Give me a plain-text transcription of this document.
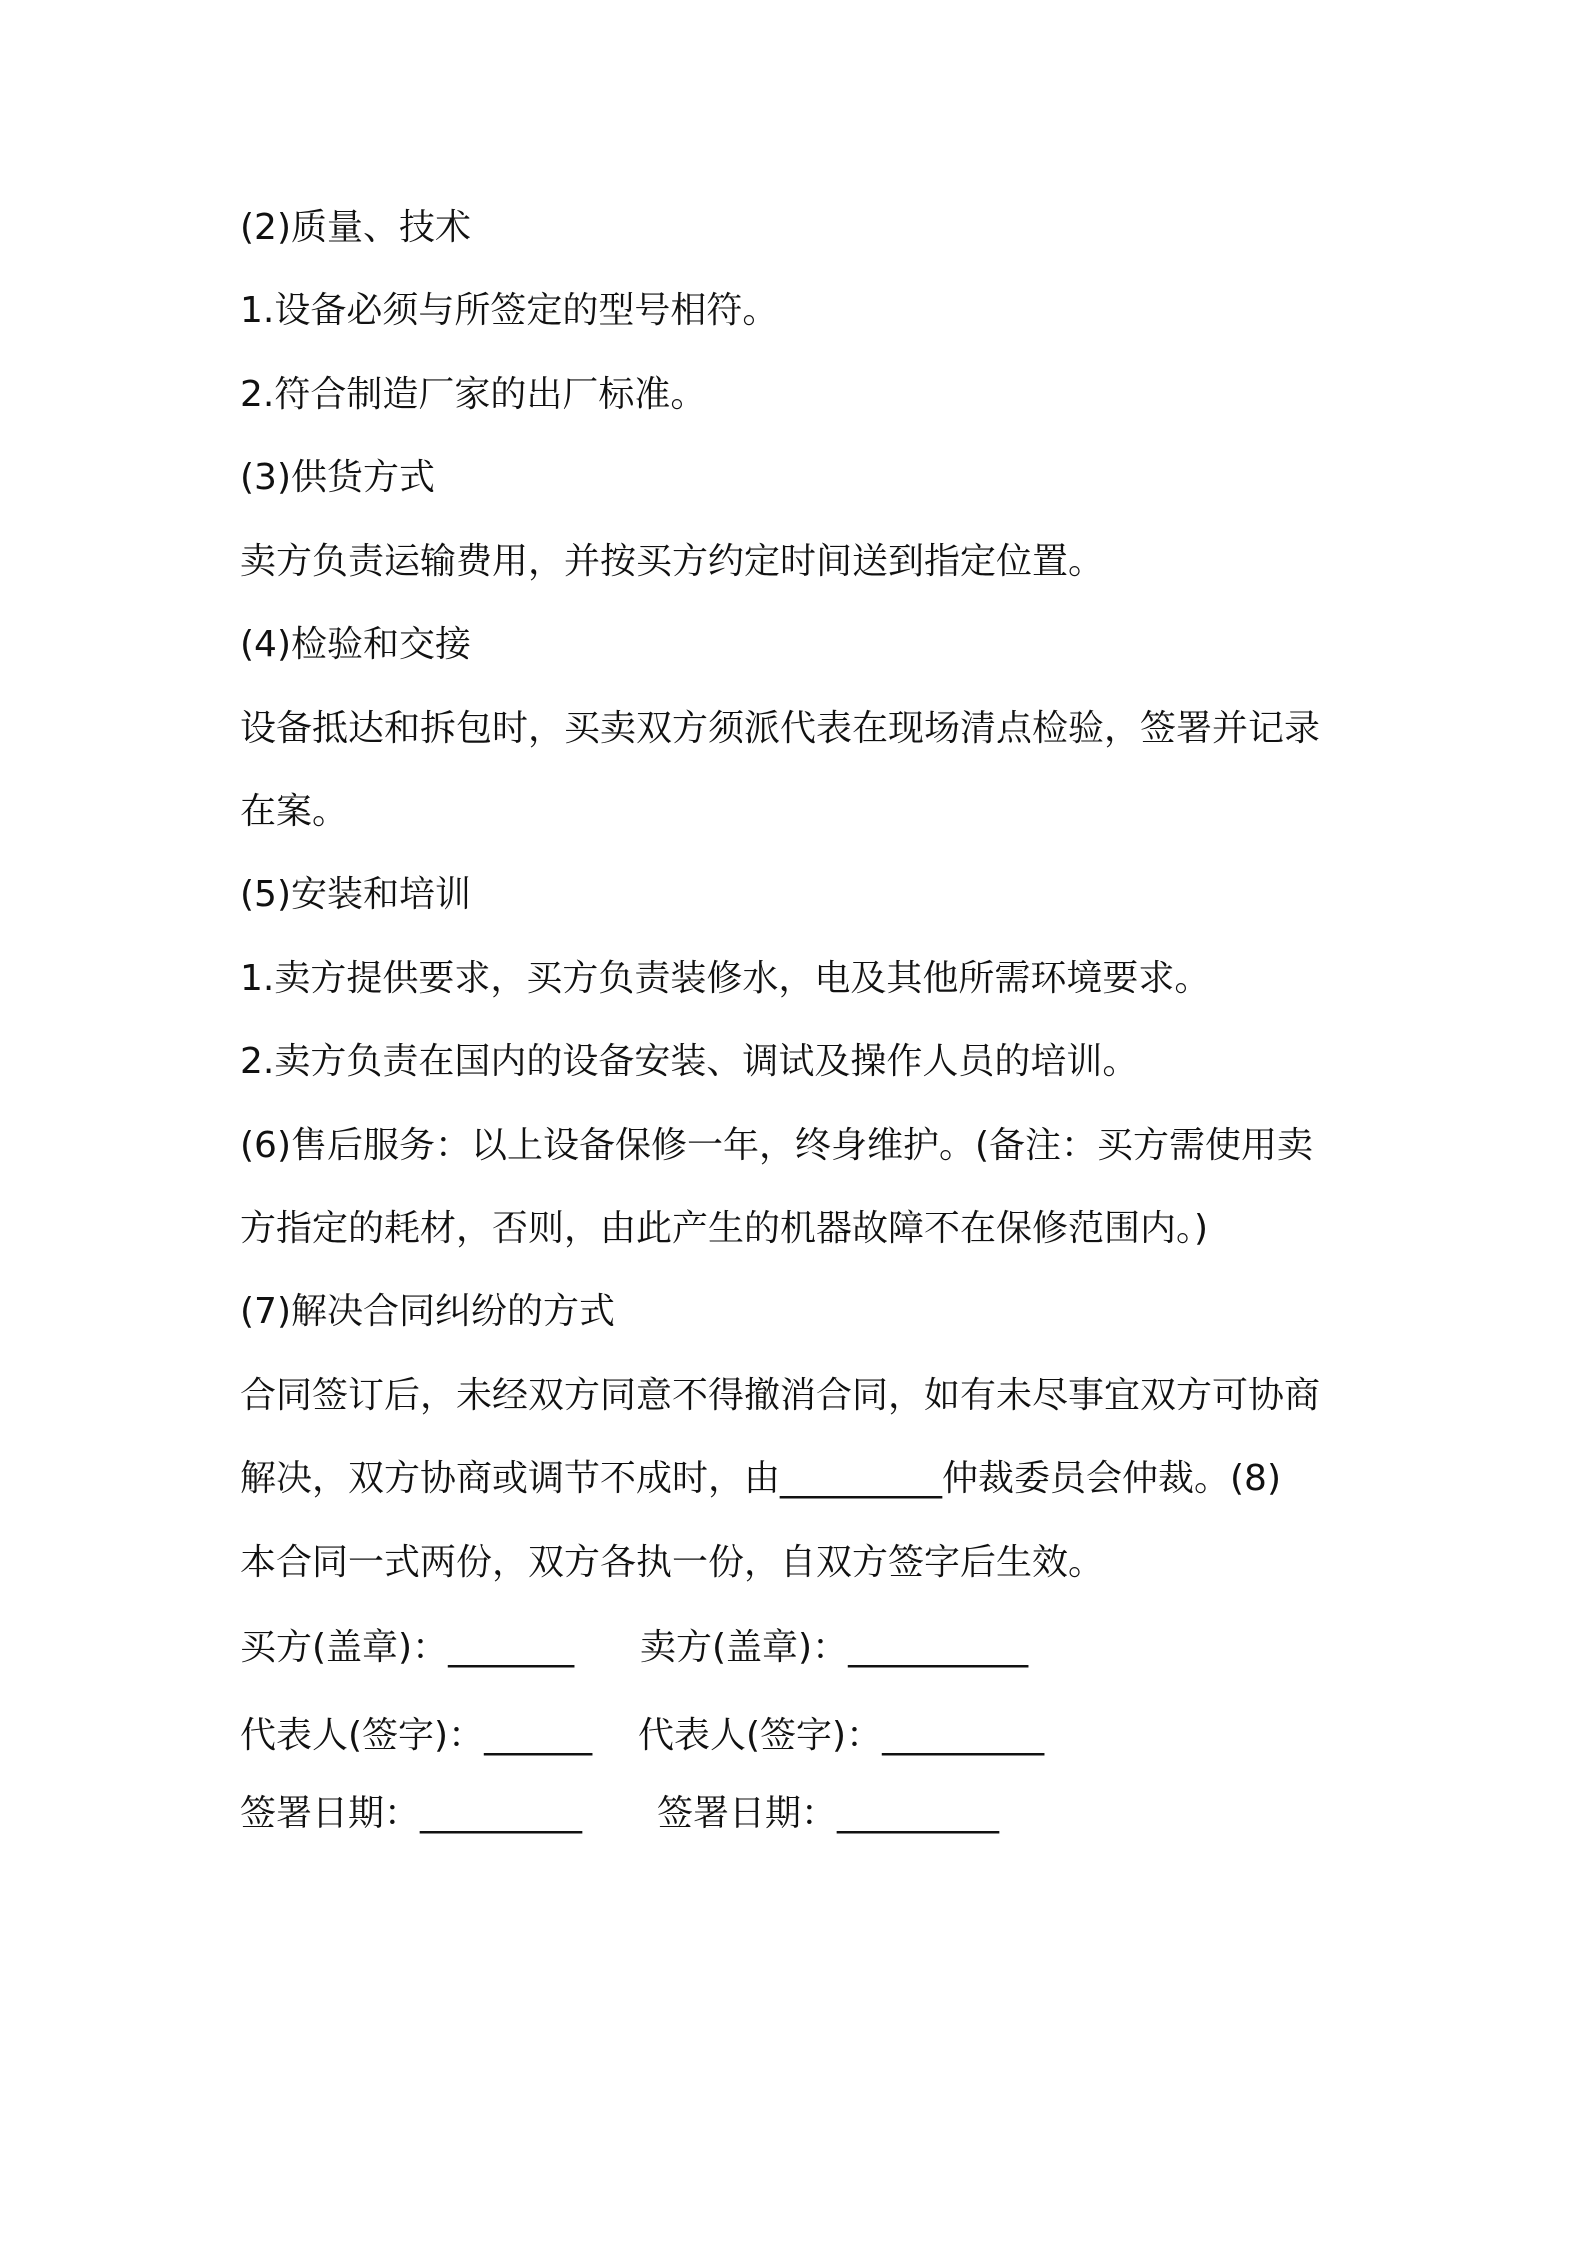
(2)质量、技术
1.设备必须与所签定的型号相符。
2.符合制造厂家的出厂标准。
(3)供货方式
卖方负责运输费用，并按买方约定时间送到指定位置。
(4)检验和交接
设备抵达和拆包时，买卖双方须派代表在现场清点检验，签署并记录
在案。
(5)安装和培训
1.卖方提供要求，买方负责装修水，电及其他所需环境要求。
2.卖方负责在国内的设备安装、调试及操作人员的培训。
(6)售后服务：以上设备保修一年，终身维护。(备注：买方需使用卖
方指定的耗材，否则，由此产生的机器故障不在保修范围内。)
(7)解决合同纠纷的方式
合同签订后，未经双方同意不得撤消合同，如有未尽事宜双方可协商
解决，双方协商或调节不成时，由_________仲裁委员会仲裁。(8)
本合同一式两份，双方各执一份，自双方签字后生效。
买方(盖章)：_______ 卖方(盖章)：__________
代表人(签字)：______ 代表人(签字)：_________
签署日期：_________ 签署日期：_________
